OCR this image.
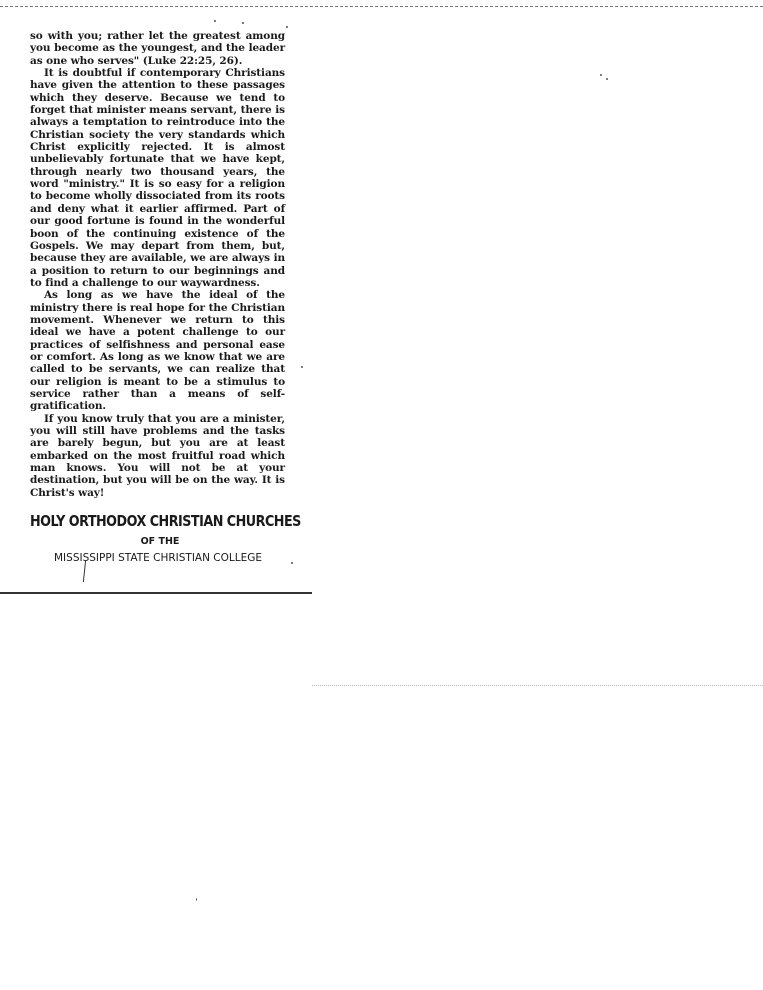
so with you; rather let the greatest among you become as the youngest, and the leader as one who serves" (Luke 22:25, 26).

It is doubtful if contemporary Christians have given the attention to these passages which they deserve. Because we tend to forget that minister means servant, there is always a temptation to reintroduce into the Christian society the very standards which Christ explicitly rejected. It is almost unbelievably fortunate that we have kept, through nearly two thousand years, the word "ministry." It is so easy for a religion to become wholly dissociated from its roots and deny what it earlier affirmed. Part of our good fortune is found in the wonderful boon of the continuing existence of the Gospels. We may depart from them, but, because they are available, we are always in a position to return to our beginnings and to find a challenge to our waywardness.

As long as we have the ideal of the ministry there is real hope for the Christian movement. Whenever we return to this ideal we have a potent challenge to our practices of selfishness and personal ease or comfort. As long as we know that we are called to be servants, we can realize that our religion is meant to be a stimulus to service rather than a means of self-gratification.

If you know truly that you are a minister, you will still have problems and the tasks are barely begun, but you are at least embarked on the most fruitful road which man knows. You will not be at your destination, but you will be on the way. It is Christ's way!

HOLY ORTHODOX CHRISTIAN CHURCHES

OF THE

MISSISSIPPI STATE CHRISTIAN COLLEGE
